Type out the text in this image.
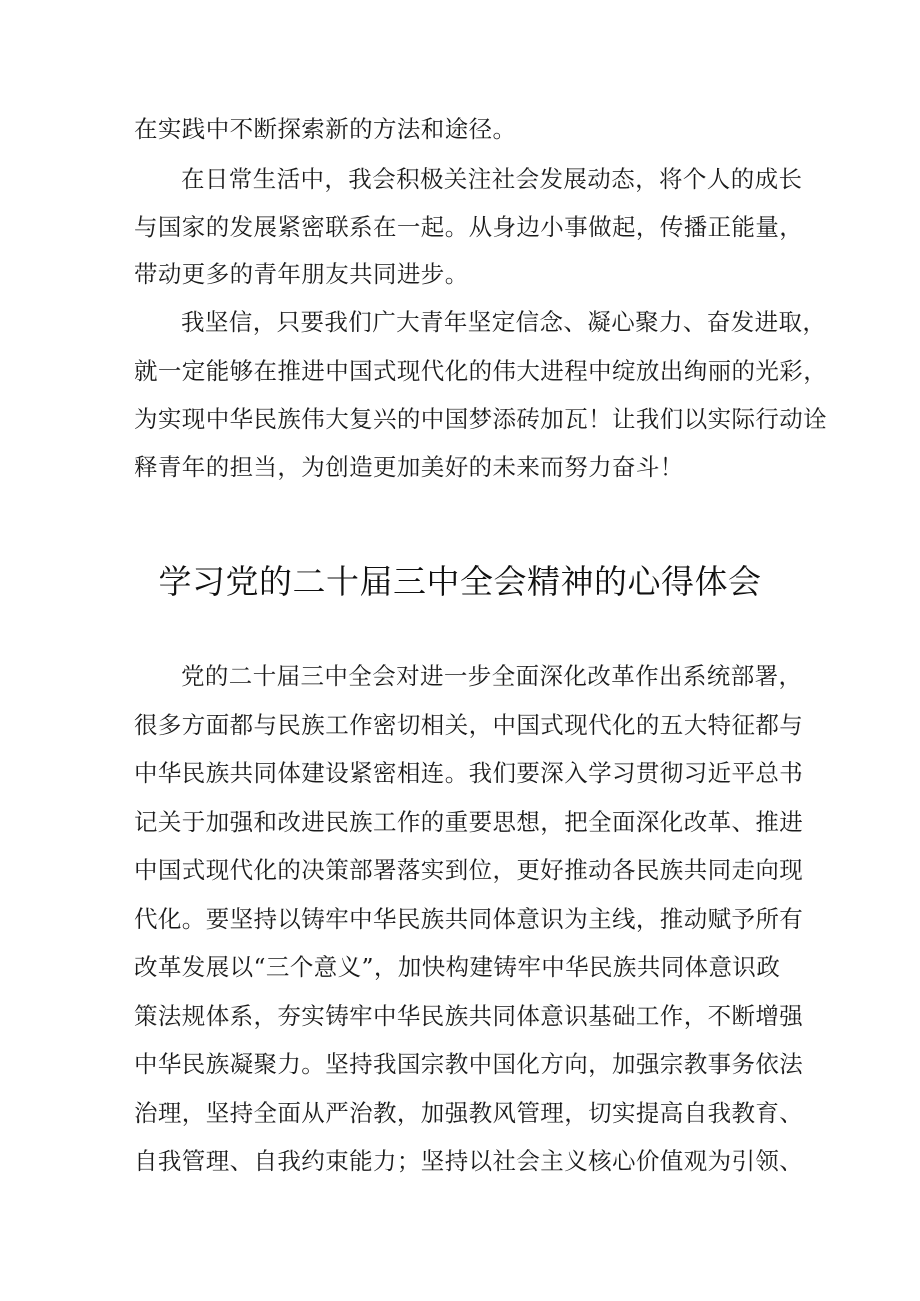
在实践中不断探索新的方法和途径。
在日常生活中，我会积极关注社会发展动态，将个人的成长
与国家的发展紧密联系在一起。从身边小事做起，传播正能量，
带动更多的青年朋友共同进步。
我坚信，只要我们广大青年坚定信念、凝心聚力、奋发进取，
就一定能够在推进中国式现代化的伟大进程中绽放出绚丽的光彩，
为实现中华民族伟大复兴的中国梦添砖加瓦！让我们以实际行动诠
释青年的担当，为创造更加美好的未来而努力奋斗！
学习党的二十届三中全会精神的心得体会
党的二十届三中全会对进一步全面深化改革作出系统部署，
很多方面都与民族工作密切相关，中国式现代化的五大特征都与
中华民族共同体建设紧密相连。我们要深入学习贯彻习近平总书
记关于加强和改进民族工作的重要思想，把全面深化改革、推进
中国式现代化的决策部署落实到位，更好推动各民族共同走向现
代化。要坚持以铸牢中华民族共同体意识为主线，推动赋予所有
改革发展以“三个意义”，加快构建铸牢中华民族共同体意识政
策法规体系，夯实铸牢中华民族共同体意识基础工作，不断增强
中华民族凝聚力。坚持我国宗教中国化方向，加强宗教事务依法
治理，坚持全面从严治教，加强教风管理，切实提高自我教育、
自我管理、自我约束能力；坚持以社会主义核心价值观为引领、
